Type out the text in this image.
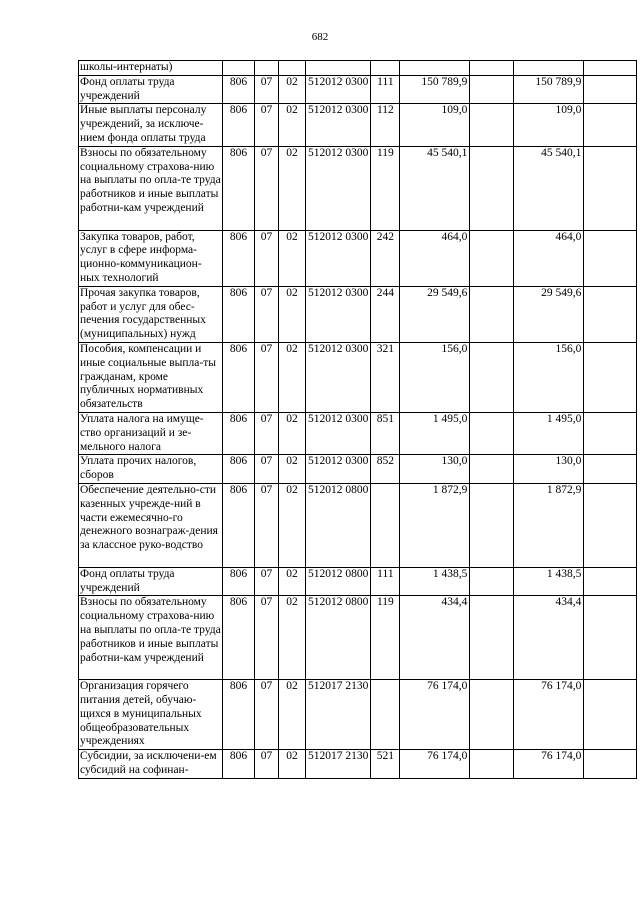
682
школы-интернаты)									
Фонд оплаты труда учреждений	806	07	02	512012 0300	111	150 789,9		150 789,9	
Иные выплаты персоналу учреждений, за исключе-нием фонда оплаты труда	806	07	02	512012 0300	112	109,0		109,0	
Взносы по обязательному социальному страхова-нию на выплаты по опла-те труда работников и иные выплаты работни-кам учреждений	806	07	02	512012 0300	119	45 540,1		45 540,1	
Закупка товаров, работ, услуг в сфере информа-ционно-коммуникацион-ных технологий	806	07	02	512012 0300	242	464,0		464,0	
Прочая закупка товаров, работ и услуг для обес-печения государственных (муниципальных) нужд	806	07	02	512012 0300	244	29 549,6		29 549,6	
Пособия, компенсации и иные социальные выпла-ты гражданам, кроме публичных нормативных обязательств	806	07	02	512012 0300	321	156,0		156,0	
Уплата налога на имуще-ство организаций и зе-мельного налога	806	07	02	512012 0300	851	1 495,0		1 495,0	
Уплата прочих налогов, сборов	806	07	02	512012 0300	852	130,0		130,0	
Обеспечение деятельно-сти казенных учрежде-ний в части ежемесячно-го денежного вознаграж-дения за классное руко-водство	806	07	02	512012 0800		1 872,9		1 872,9	
Фонд оплаты труда учреждений	806	07	02	512012 0800	111	1 438,5		1 438,5	
Взносы по обязательному социальному страхова-нию на выплаты по опла-те труда работников и иные выплаты работни-кам учреждений	806	07	02	512012 0800	119	434,4		434,4	
Организация горячего питания детей, обучаю-щихся в муниципальных общеобразовательных учреждениях	806	07	02	512017 2130		76 174,0		76 174,0	
Субсидии, за исключени-ем субсидий на софинан-	806	07	02	512017 2130	521	76 174,0		76 174,0	
